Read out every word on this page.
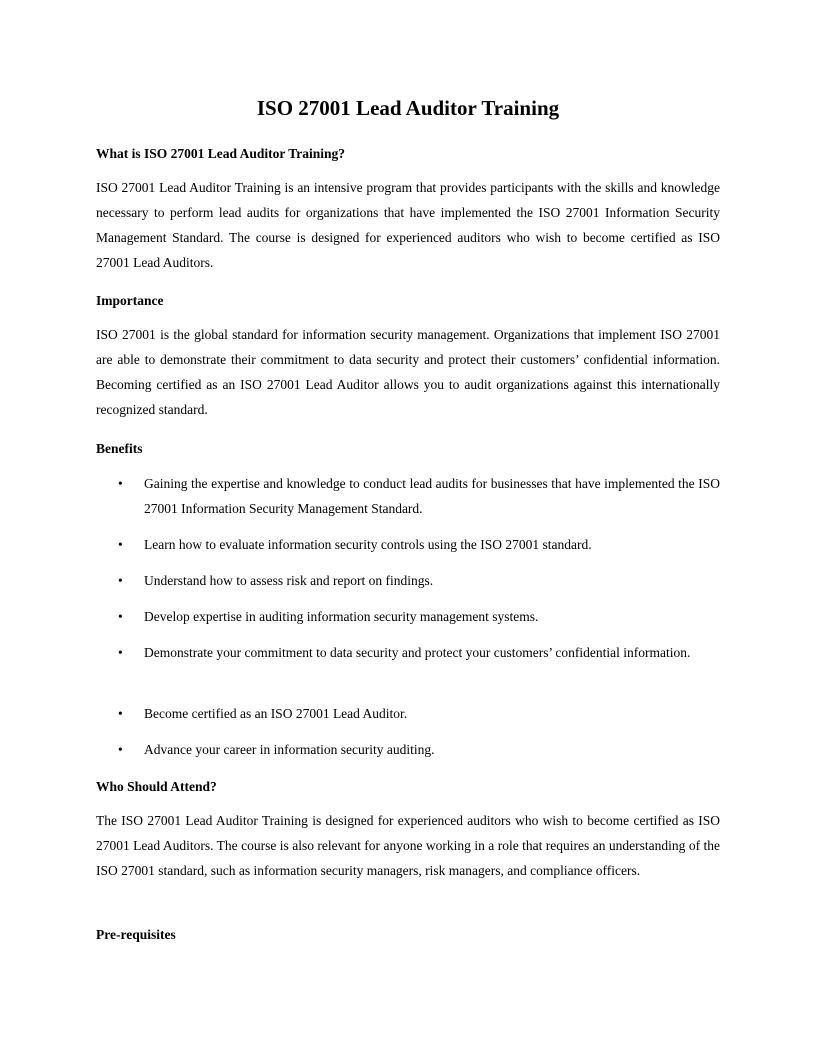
ISO 27001 Lead Auditor Training
What is ISO 27001 Lead Auditor Training?

ISO 27001 Lead Auditor Training is an intensive program that provides participants with the skills and knowledge necessary to perform lead audits for organizations that have implemented the ISO 27001 Information Security Management Standard. The course is designed for experienced auditors who wish to become certified as ISO 27001 Lead Auditors.

Importance

ISO 27001 is the global standard for information security management. Organizations that implement ISO 27001 are able to demonstrate their commitment to data security and protect their customers’ confidential information. Becoming certified as an ISO 27001 Lead Auditor allows you to audit organizations against this internationally recognized standard.

Benefits
• Gaining the expertise and knowledge to conduct lead audits for businesses that have implemented the ISO 27001 Information Security Management Standard.
• Learn how to evaluate information security controls using the ISO 27001 standard.
• Understand how to assess risk and report on findings.
• Develop expertise in auditing information security management systems.
• Demonstrate your commitment to data security and protect your customers’ confidential information.
• Become certified as an ISO 27001 Lead Auditor.
• Advance your career in information security auditing.
Who Should Attend?

The ISO 27001 Lead Auditor Training is designed for experienced auditors who wish to become certified as ISO 27001 Lead Auditors. The course is also relevant for anyone working in a role that requires an understanding of the ISO 27001 standard, such as information security managers, risk managers, and compliance officers.

Pre-requisites
